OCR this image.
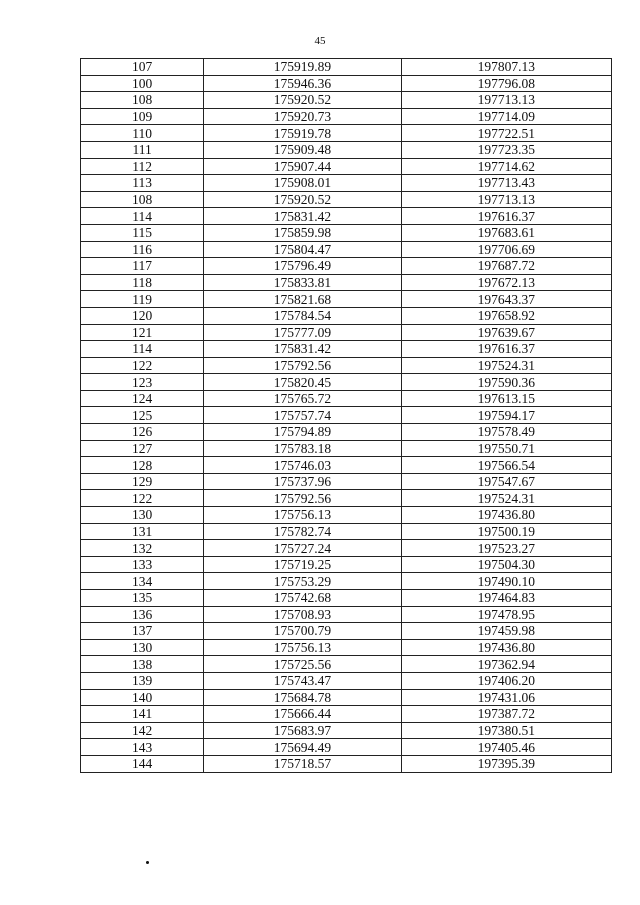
45
107	175919.89	197807.13
100	175946.36	197796.08
108	175920.52	197713.13
109	175920.73	197714.09
110	175919.78	197722.51
111	175909.48	197723.35
112	175907.44	197714.62
113	175908.01	197713.43
108	175920.52	197713.13
114	175831.42	197616.37
115	175859.98	197683.61
116	175804.47	197706.69
117	175796.49	197687.72
118	175833.81	197672.13
119	175821.68	197643.37
120	175784.54	197658.92
121	175777.09	197639.67
114	175831.42	197616.37
122	175792.56	197524.31
123	175820.45	197590.36
124	175765.72	197613.15
125	175757.74	197594.17
126	175794.89	197578.49
127	175783.18	197550.71
128	175746.03	197566.54
129	175737.96	197547.67
122	175792.56	197524.31
130	175756.13	197436.80
131	175782.74	197500.19
132	175727.24	197523.27
133	175719.25	197504.30
134	175753.29	197490.10
135	175742.68	197464.83
136	175708.93	197478.95
137	175700.79	197459.98
130	175756.13	197436.80
138	175725.56	197362.94
139	175743.47	197406.20
140	175684.78	197431.06
141	175666.44	197387.72
142	175683.97	197380.51
143	175694.49	197405.46
144	175718.57	197395.39
